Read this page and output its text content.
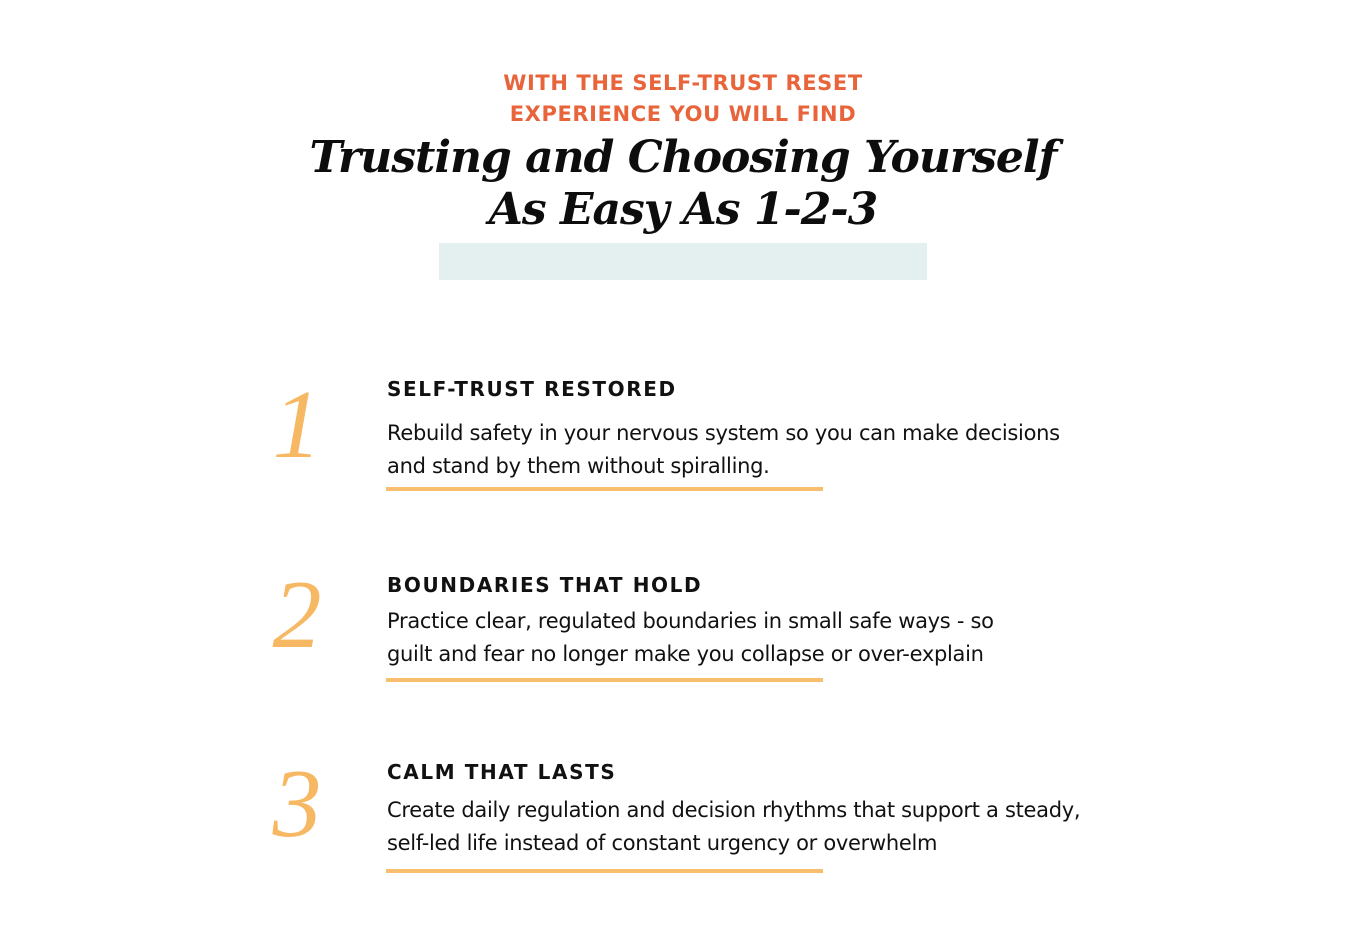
WITH THE SELF-TRUST RESET
EXPERIENCE YOU WILL FIND
Trusting and Choosing Yourself
As Easy As 1-2-3
1	SELF-TRUST RESTORED
Rebuild safety in your nervous system so you can make decisions
and stand by them without spiralling.
2	BOUNDARIES THAT HOLD
Practice clear, regulated boundaries in small safe ways - so
guilt and fear no longer make you collapse or over-explain
3	CALM THAT LASTS
Create daily regulation and decision rhythms that support a steady,
self-led life instead of constant urgency or overwhelm
